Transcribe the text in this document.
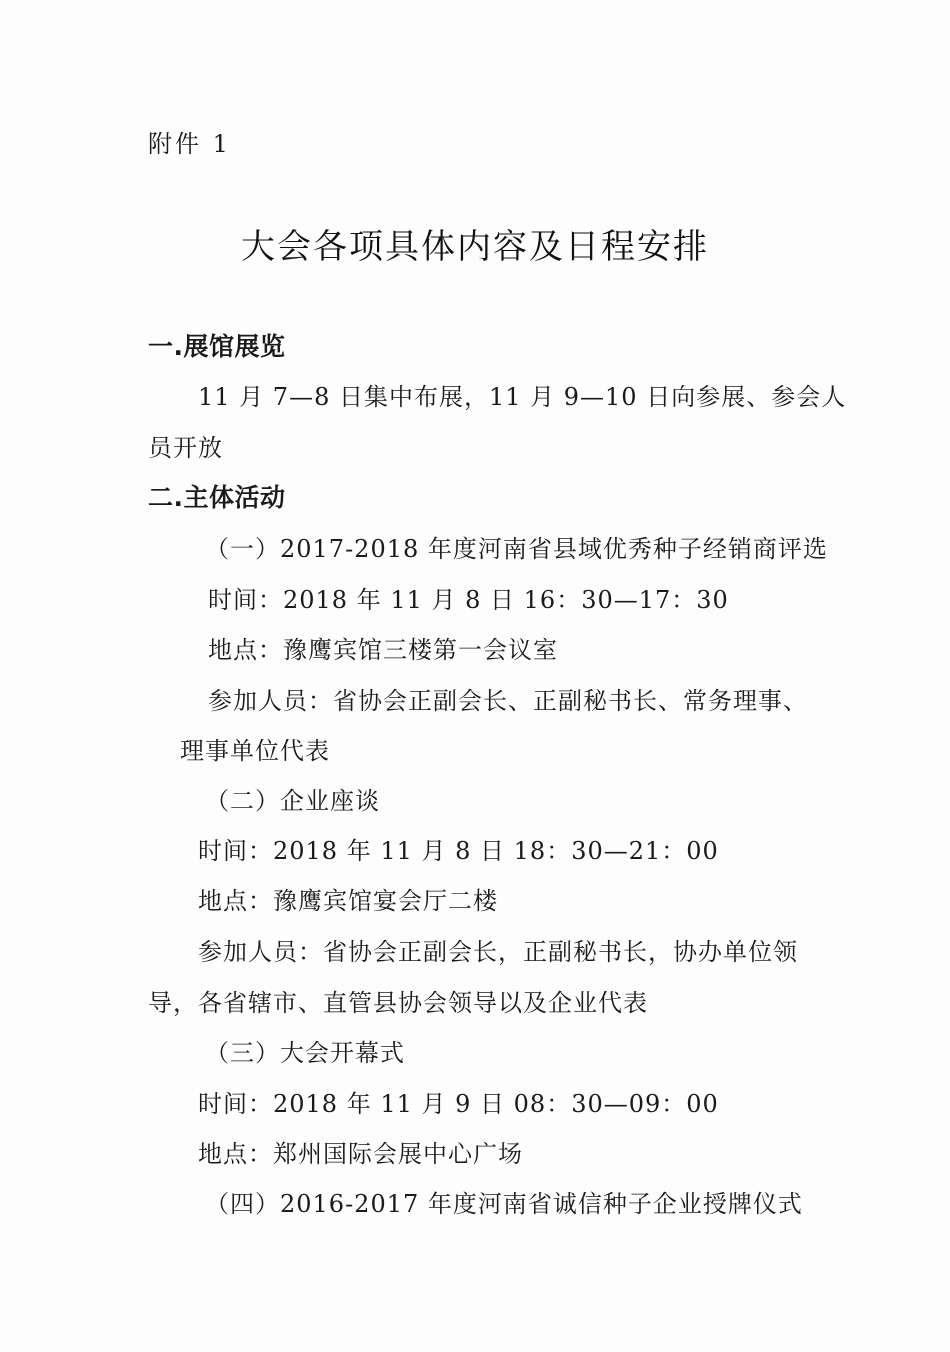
附件 1
大会各项具体内容及日程安排
一.展馆展览
11 月 7—8 日集中布展，11 月 9—10 日向参展、参会人
员开放
二.主体活动
（一）2017-2018 年度河南省县域优秀种子经销商评选
时间：2018 年 11 月 8 日 16：30—17：30
地点：豫鹰宾馆三楼第一会议室
参加人员：省协会正副会长、正副秘书长、常务理事、
理事单位代表
（二）企业座谈
时间：2018 年 11 月 8 日 18：30—21：00
地点：豫鹰宾馆宴会厅二楼
参加人员：省协会正副会长，正副秘书长，协办单位领
导，各省辖市、直管县协会领导以及企业代表
（三）大会开幕式
时间：2018 年 11 月 9 日 08：30—09：00
地点：郑州国际会展中心广场
（四）2016-2017 年度河南省诚信种子企业授牌仪式
